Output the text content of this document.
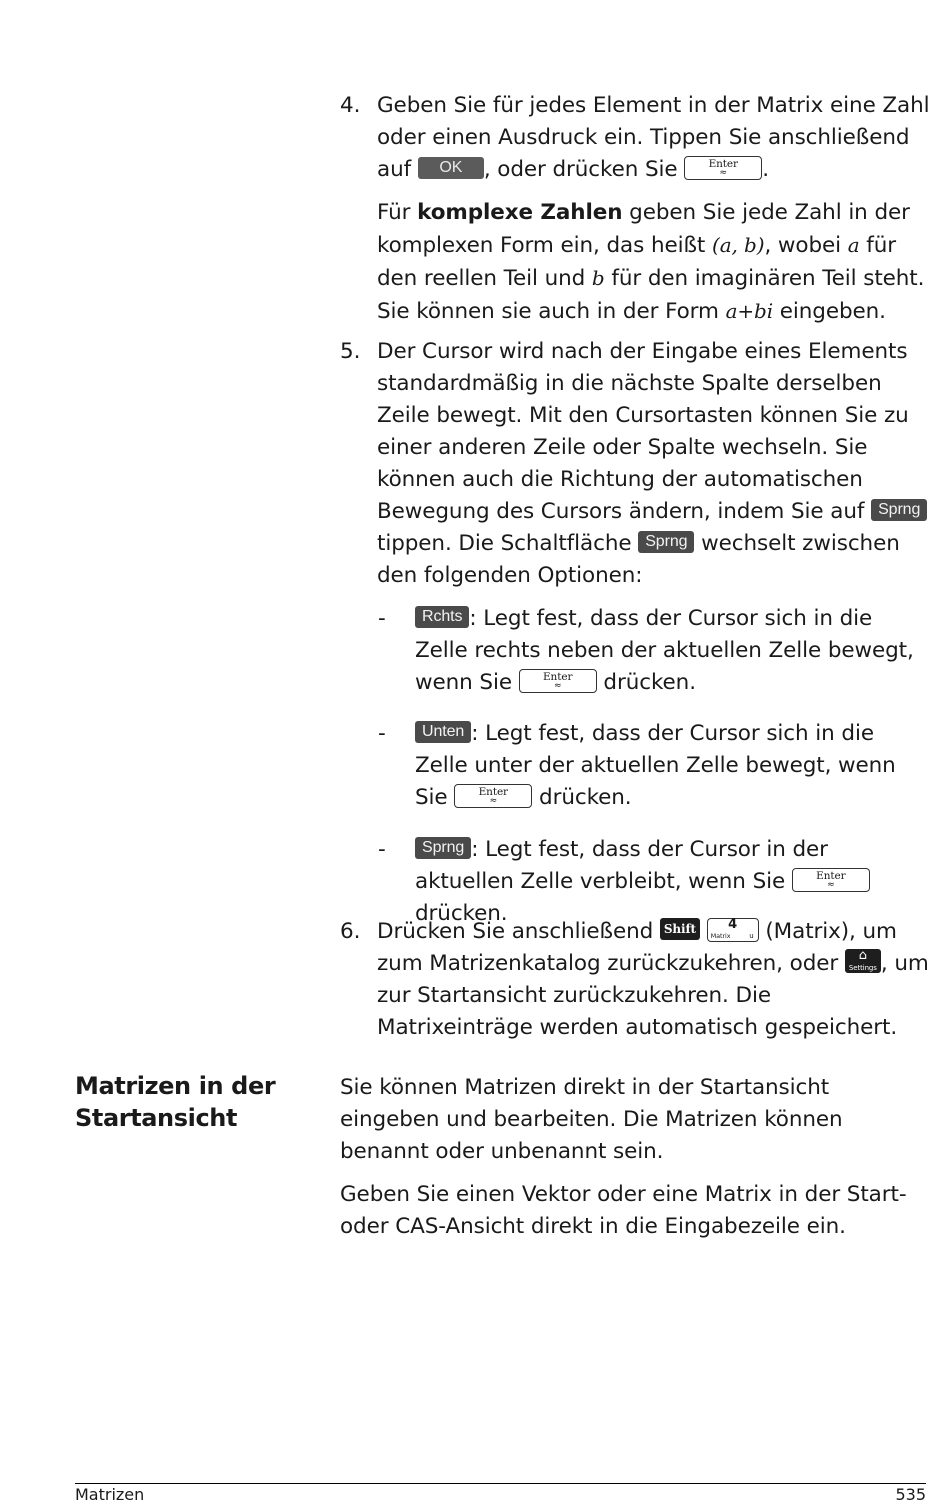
4. Geben Sie für jedes Element in der Matrix eine Zahl oder einen Ausdruck ein. Tippen Sie anschließend auf OK , oder drücken Sie	Enter
≈	.

Für komplexe Zahlen geben Sie jede Zahl in der komplexen Form ein, das heißt (a, b), wobei a für den reellen Teil und b für den imaginären Teil steht. Sie können sie auch in der Form a+bi eingeben.

5. Der Cursor wird nach der Eingabe eines Elements standardmäßig in die nächste Spalte derselben Zeile bewegt. Mit den Cursortasten können Sie zu einer anderen Zeile oder Spalte wechseln. Sie können auch die Richtung der automatischen Bewegung des Cursors ändern, indem Sie auf Sprng tippen. Die Schaltfläche Sprng wechselt zwischen den folgenden Optionen:

-	Rchts : Legt fest, dass der Cursor sich in die Zelle rechts neben der aktuellen Zelle bewegt, wenn Sie	Enter
≈	drücken.
-	Unten : Legt fest, dass der Cursor sich in die Zelle unter der aktuellen Zelle bewegt, wenn Sie	Enter
≈	drücken.
-	Sprng : Legt fest, dass der Cursor in der aktuellen Zelle verbleibt, wenn Sie	Enter
≈
drücken.
6. Drücken Sie anschließend Shift	4
Matrix	u (Matrix), um zum Matrizenkatalog zurückzukehren, oder	⌂
Settings , um zur Startansicht zurückzukehren. Die Matrixeinträge werden automatisch gespeichert.

Matrizen in der Startansicht

Sie können Matrizen direkt in der Startansicht eingeben und bearbeiten. Die Matrizen können benannt oder unbenannt sein.

Geben Sie einen Vektor oder eine Matrix in der Start- oder CAS-Ansicht direkt in die Eingabezeile ein.

Matrizen	535
